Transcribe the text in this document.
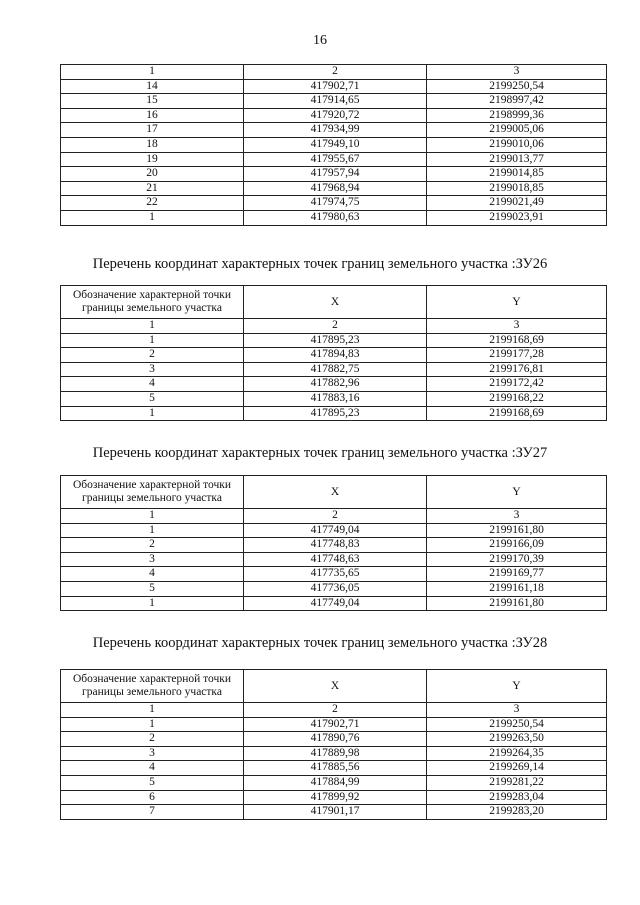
16
1	2	3
14	417902,71	2199250,54
15	417914,65	2198997,42
16	417920,72	2198999,36
17	417934,99	2199005,06
18	417949,10	2199010,06
19	417955,67	2199013,77
20	417957,94	2199014,85
21	417968,94	2199018,85
22	417974,75	2199021,49
1	417980,63	2199023,91
Перечень координат характерных точек границ земельного участка :ЗУ26
Обозначение характерной точки границы земельного участка	X	Y
1	2	3
1	417895,23	2199168,69
2	417894,83	2199177,28
3	417882,75	2199176,81
4	417882,96	2199172,42
5	417883,16	2199168,22
1	417895,23	2199168,69
Перечень координат характерных точек границ земельного участка :ЗУ27
Обозначение характерной точки границы земельного участка	X	Y
1	2	3
1	417749,04	2199161,80
2	417748,83	2199166,09
3	417748,63	2199170,39
4	417735,65	2199169,77
5	417736,05	2199161,18
1	417749,04	2199161,80
Перечень координат характерных точек границ земельного участка :ЗУ28
Обозначение характерной точки границы земельного участка	X	Y
1	2	3
1	417902,71	2199250,54
2	417890,76	2199263,50
3	417889,98	2199264,35
4	417885,56	2199269,14
5	417884,99	2199281,22
6	417899,92	2199283,04
7	417901,17	2199283,20
